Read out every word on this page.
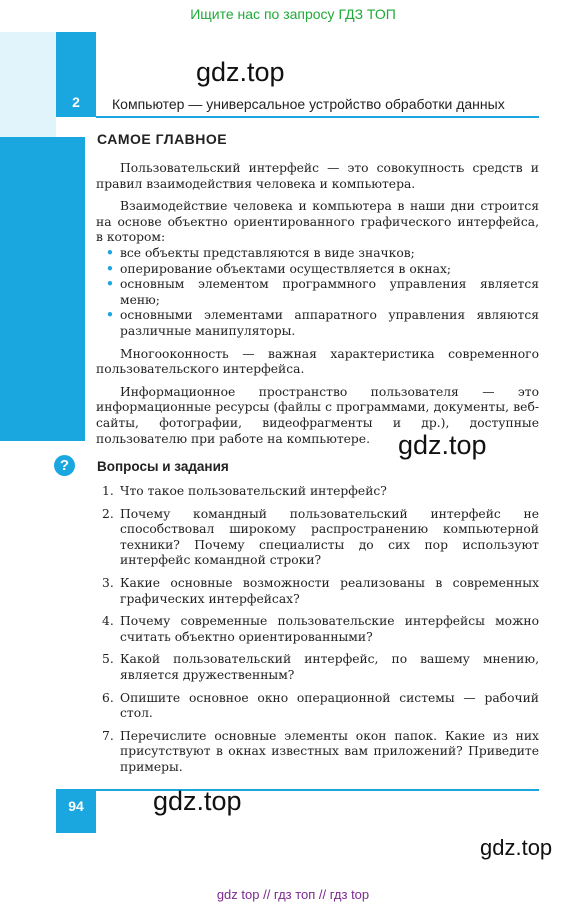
Ищите нас по запросу ГДЗ ТОП
2	Компьютер — универсальное устройство обработки данных
gdz.top
САМОЕ ГЛАВНОЕ

Пользовательский интерфейс — это совокупность средств и правил взаимодействия человека и компьютера.

Взаимодействие человека и компьютера в наши дни строится на основе объектно ориентированного графического интерфейса, в котором:

• все объекты представляются в виде значков;
• оперирование объектами осуществляется в окнах;
• основным элементом программного управления является меню;
• основными элементами аппаратного управления являются различные манипуляторы.

Многооконность — важная характеристика современного пользовательского интерфейса.

Информационное пространство пользователя — это информационные ресурсы (файлы с программами, документы, веб-сайты, фотографии, видеофрагменты и др.), доступные пользователю при работе на компьютере.	gdz.top
?	Вопросы и задания
1. Что такое пользовательский интерфейс?
2. Почему командный пользовательский интерфейс не способствовал широкому распространению компьютерной техники? Почему специалисты до сих пор используют интерфейс командной строки?
3. Какие основные возможности реализованы в современных графических интерфейсах?
4. Почему современные пользовательские интерфейсы можно считать объектно ориентированными?
5. Какой пользовательский интерфейс, по вашему мнению, является дружественным?
6. Опишите основное окно операционной системы — рабочий стол.
7. Перечислите основные элементы окон папок. Какие из них присутствуют в окнах известных вам приложений? Приведите примеры.
94	gdz.top
gdz.top
gdz top // гдз топ // гдз top
